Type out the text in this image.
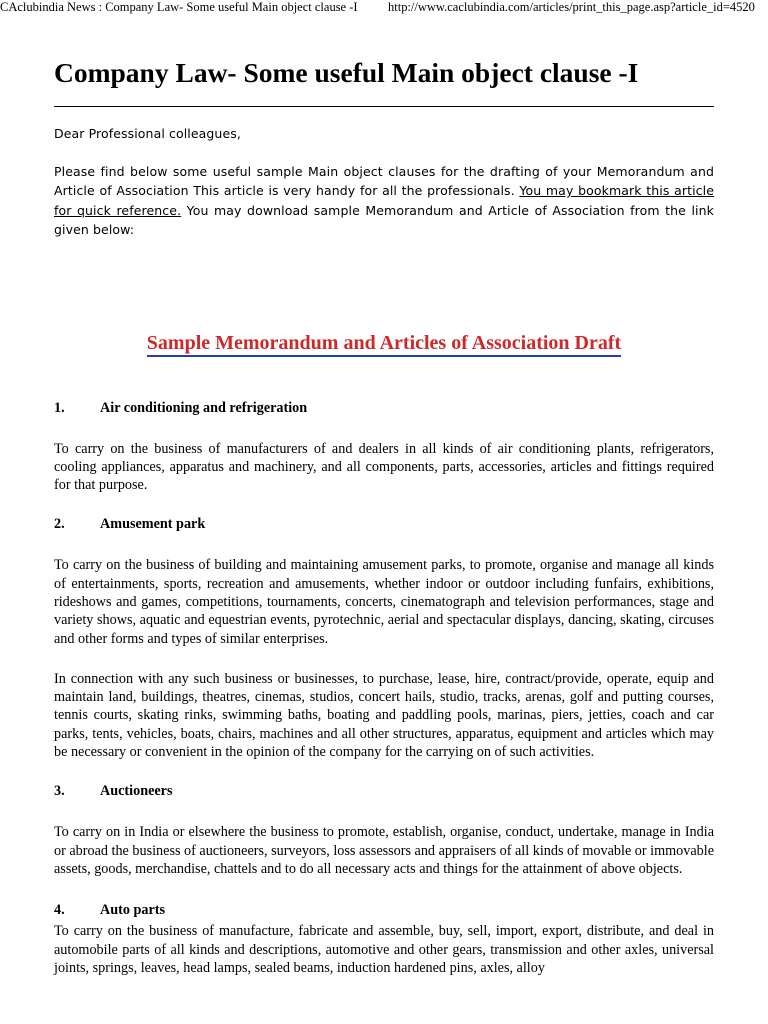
CAclubindia News : Company Law- Some useful Main object clause -I http://www.caclubindia.com/articles/print_this_page.asp?article_id=4520
Company Law- Some useful Main object clause -I

Dear Professional colleagues,

Please find below some useful sample Main object clauses for the drafting of your Memorandum and Article of Association This article is very handy for all the professionals. You may bookmark this article for quick reference. You may download sample Memorandum and Article of Association from the link given below:

Sample Memorandum and Articles of Association Draft

1. Air conditioning and refrigeration

To carry on the business of manufacturers of and dealers in all kinds of air conditioning plants, refrigerators, cooling appliances, apparatus and machinery, and all components, parts, accessories, articles and fittings required for that purpose.

2. Amusement park

To carry on the business of building and maintaining amusement parks, to promote, organise and manage all kinds of entertainments, sports, recreation and amusements, whether indoor or outdoor including funfairs, exhibitions, rideshows and games, competitions, tournaments, concerts, cinematograph and television performances, stage and variety shows, aquatic and equestrian events, pyrotechnic, aerial and spectacular displays, dancing, skating, circuses and other forms and types of similar enterprises.

In connection with any such business or businesses, to purchase, lease, hire, contract/provide, operate, equip and maintain land, buildings, theatres, cinemas, studios, concert hails, studio, tracks, arenas, golf and putting courses, tennis courts, skating rinks, swimming baths, boating and paddling pools, marinas, piers, jetties, coach and car parks, tents, vehicles, boats, chairs, machines and all other structures, apparatus, equipment and articles which may be necessary or convenient in the opinion of the company for the carrying on of such activities.

3. Auctioneers

To carry on in India or elsewhere the business to promote, establish, organise, conduct, undertake, manage in India or abroad the business of auctioneers, surveyors, loss assessors and appraisers of all kinds of movable or immovable assets, goods, merchandise, chattels and to do all necessary acts and things for the attainment of above objects.

4. Auto parts

To carry on the business of manufacture, fabricate and assemble, buy, sell, import, export, distribute, and deal in automobile parts of all kinds and descriptions, automotive and other gears, transmission and other axles, universal joints, springs, leaves, head lamps, sealed beams, induction hardened pins, axles, alloy
